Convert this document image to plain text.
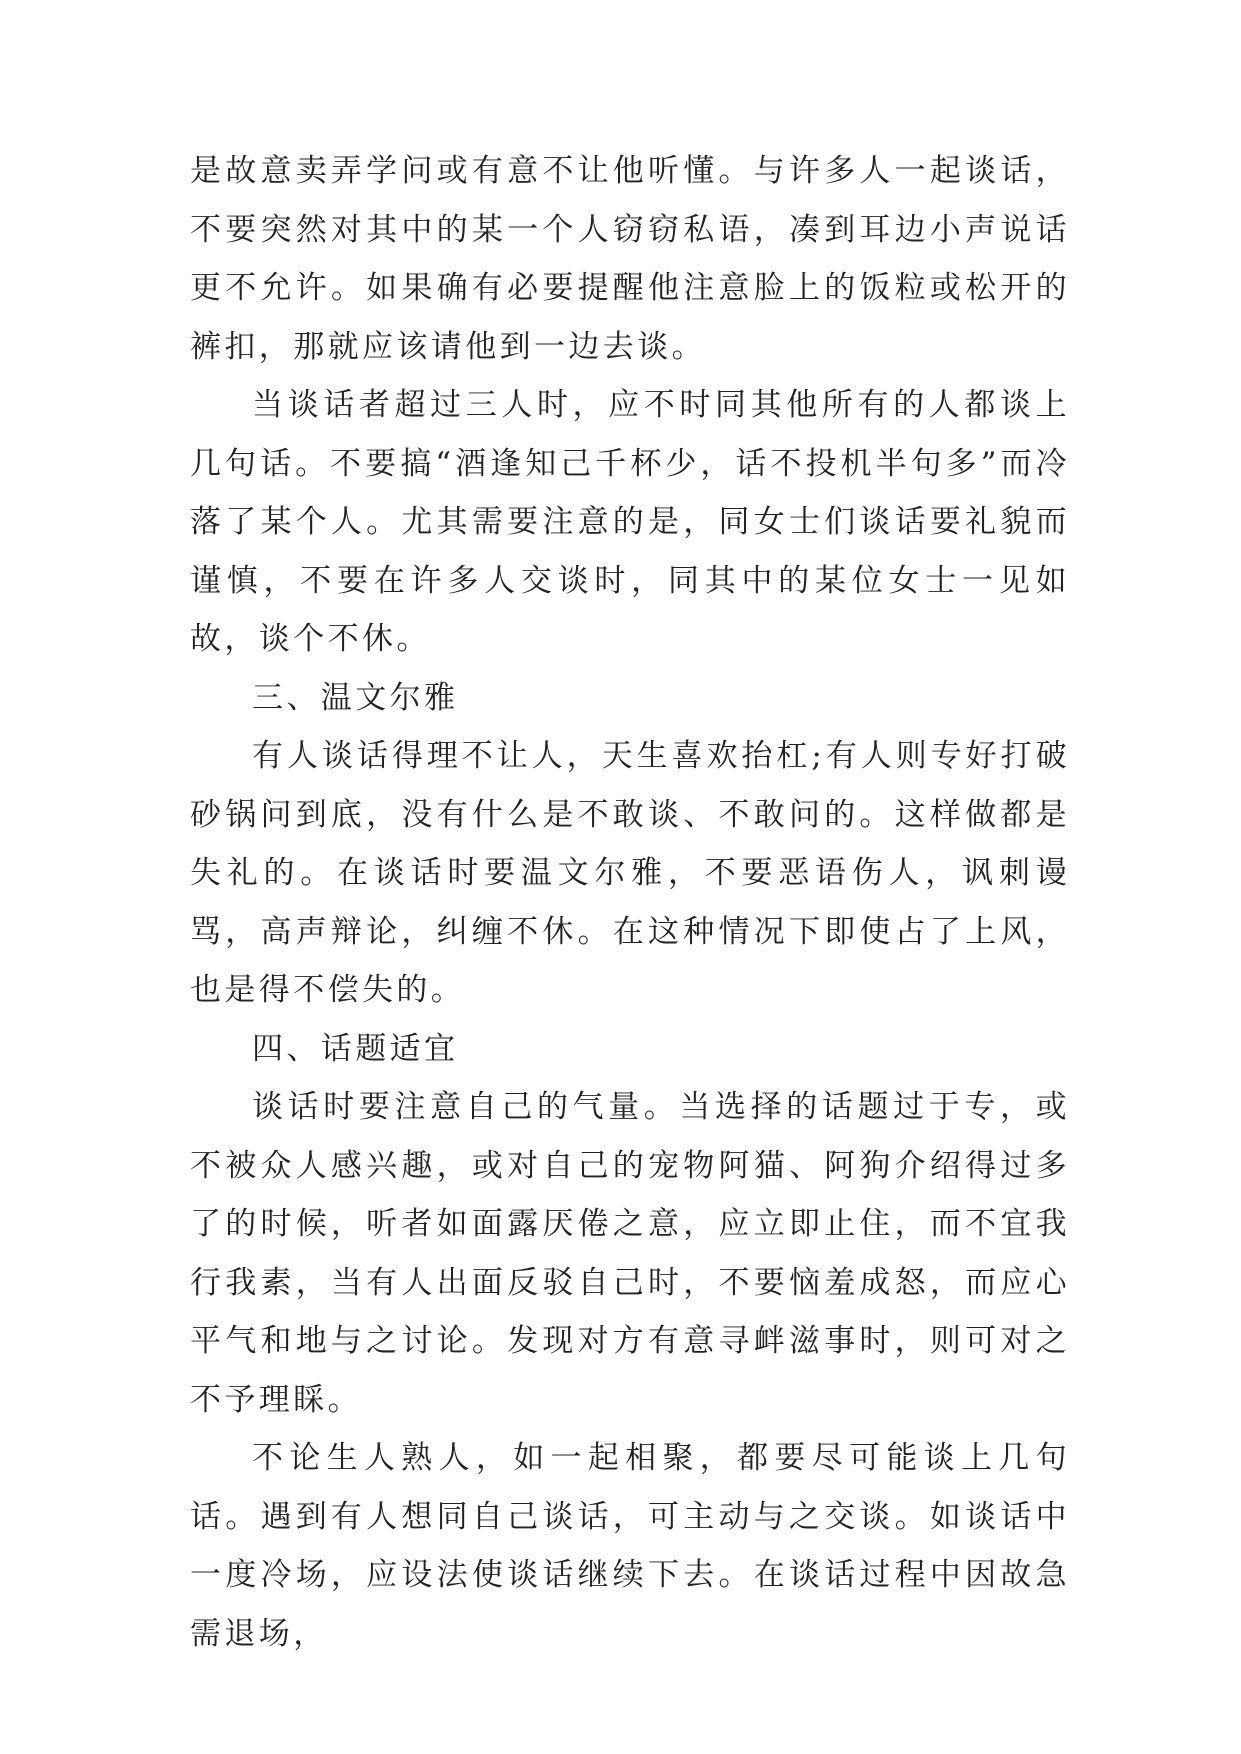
是故意卖弄学问或有意不让他听懂。与许多人一起谈话，不要突然对其中的某一个人窃窃私语，凑到耳边小声说话更不允许。如果确有必要提醒他注意脸上的饭粒或松开的裤扣，那就应该请他到一边去谈。

当谈话者超过三人时，应不时同其他所有的人都谈上几句话。不要搞“酒逢知己千杯少，话不投机半句多”而冷落了某个人。尤其需要注意的是，同女士们谈话要礼貌而谨慎，不要在许多人交谈时，同其中的某位女士一见如故，谈个不休。

三、温文尔雅

有人谈话得理不让人，天生喜欢抬杠;有人则专好打破砂锅问到底，没有什么是不敢谈、不敢问的。这样做都是失礼的。在谈话时要温文尔雅，不要恶语伤人，讽刺谩骂，高声辩论，纠缠不休。在这种情况下即使占了上风，也是得不偿失的。

四、话题适宜

谈话时要注意自己的气量。当选择的话题过于专，或不被众人感兴趣，或对自己的宠物阿猫、阿狗介绍得过多了的时候，听者如面露厌倦之意，应立即止住，而不宜我行我素，当有人出面反驳自己时，不要恼羞成怒，而应心平气和地与之讨论。发现对方有意寻衅滋事时，则可对之不予理睬。

不论生人熟人，如一起相聚，都要尽可能谈上几句话。遇到有人想同自己谈话，可主动与之交谈。如谈话中一度冷场，应设法使谈话继续下去。在谈话过程中因故急需退场，
